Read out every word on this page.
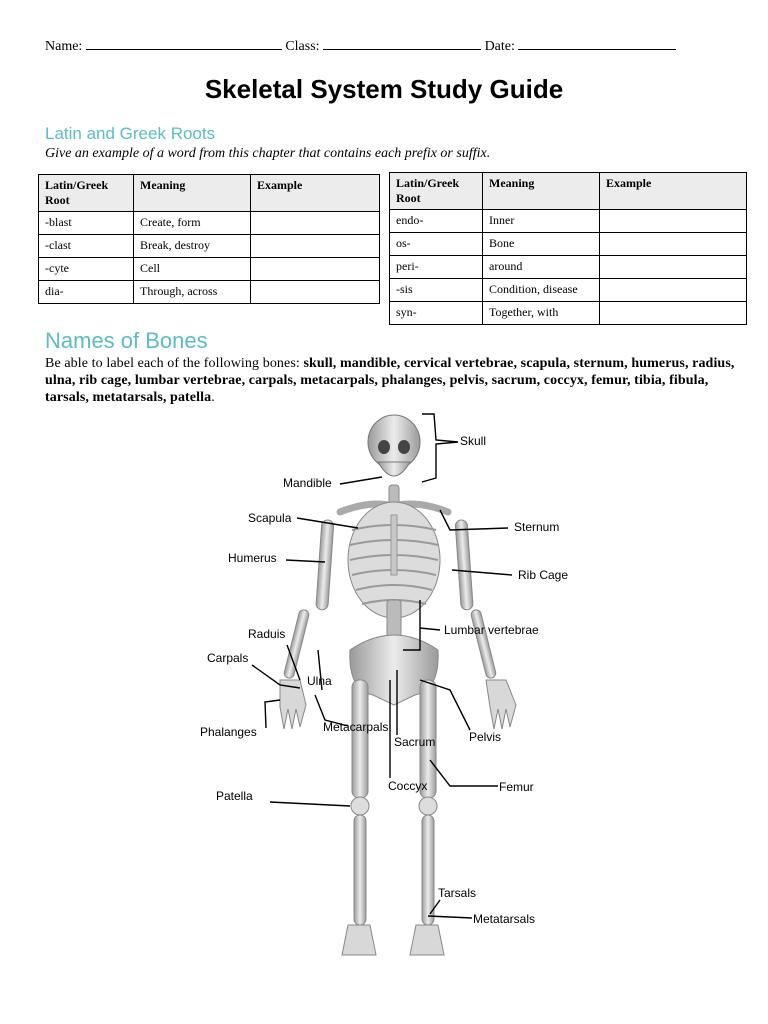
Name:	Class:	Date:
Skeletal System Study Guide
Latin and Greek Roots
Give an example of a word from this chapter that contains each prefix or suffix.
Latin/Greek Root	Meaning	Example
-blast	Create, form	
-clast	Break, destroy	
-cyte	Cell	
dia-	Through, across	
Latin/Greek Root	Meaning	Example
endo-	Inner	
os-	Bone	
peri-	around	
-sis	Condition, disease	
syn-	Together, with	
Names of Bones
Be able to label each of the following bones: skull, mandible, cervical vertebrae, scapula, sternum, humerus, radius, ulna, rib cage, lumbar vertebrae, carpals, metacarpals, phalanges, pelvis, sacrum, coccyx, femur, tibia, fibula, tarsals, metatarsals, patella.
Skull
Mandible
Scapula
Sternum
Humerus
Rib Cage
Lumbar vertebrae
Raduis
Carpals
Ulna
Phalanges	Metacarpals
Sacrum	Pelvis
Patella
Coccyx	Femur
Tarsals
Metatarsals
